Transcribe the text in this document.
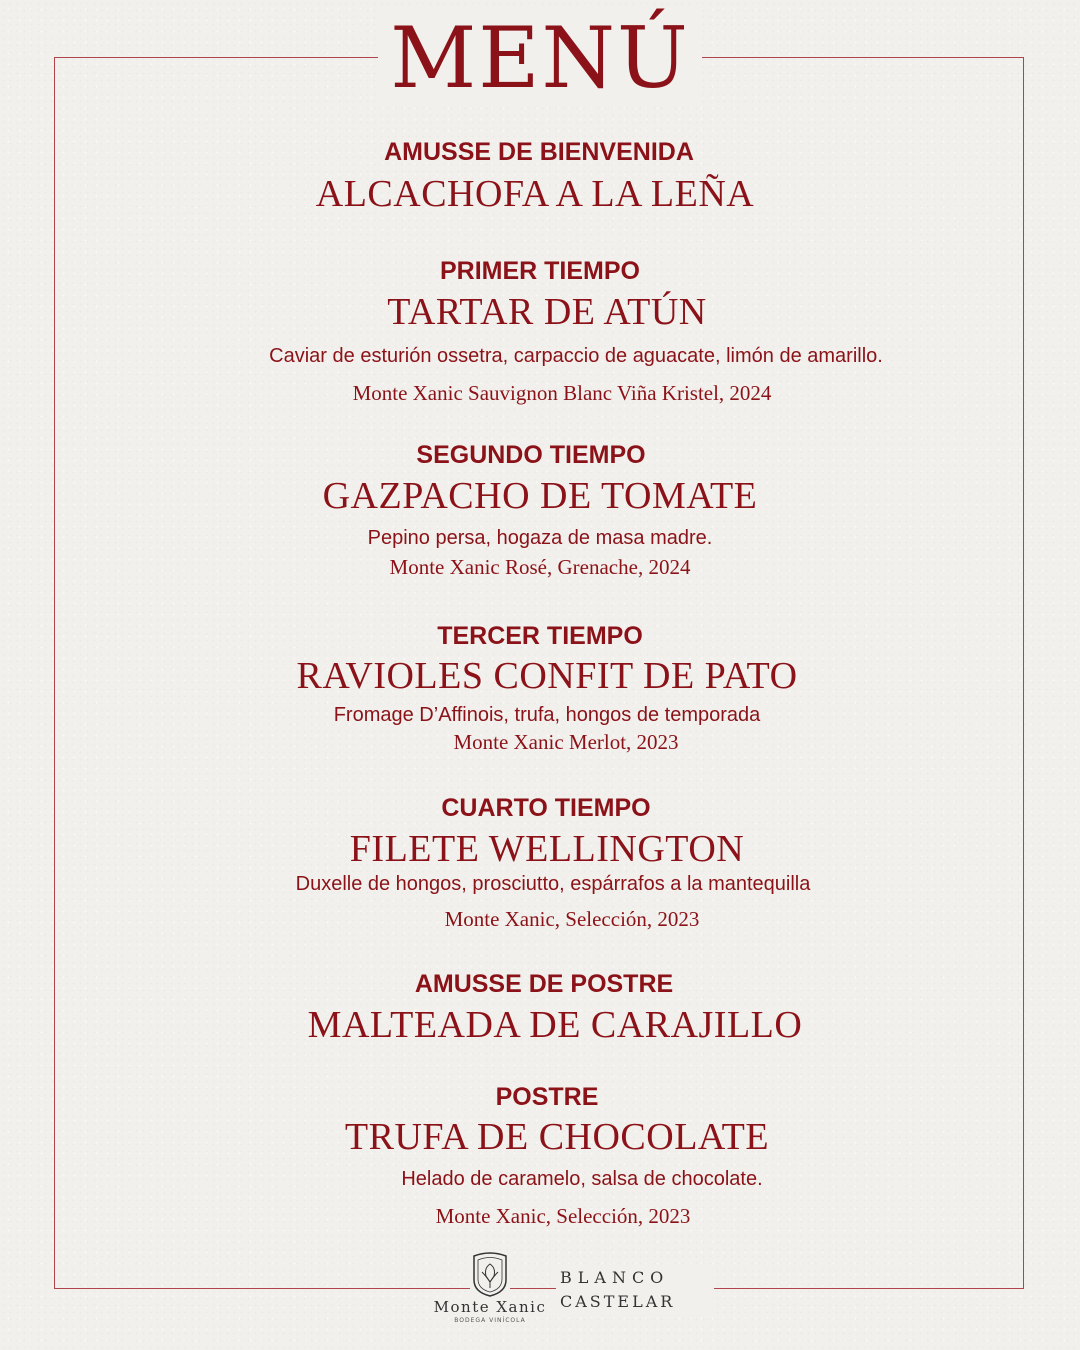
MENÚ
AMUSSE DE BIENVENIDA
ALCACHOFA A LA LEÑA
PRIMER TIEMPO
TARTAR DE ATÚN
Caviar de esturión ossetra, carpaccio de aguacate, limón de amarillo.
Monte Xanic Sauvignon Blanc Viña Kristel, 2024
SEGUNDO TIEMPO
GAZPACHO DE TOMATE
Pepino persa, hogaza de masa madre.
Monte Xanic Rosé, Grenache, 2024
TERCER TIEMPO
RAVIOLES CONFIT DE PATO
Fromage D’Affinois, trufa, hongos de temporada
Monte Xanic Merlot, 2023
CUARTO TIEMPO
FILETE WELLINGTON
Duxelle de hongos, prosciutto, espárrafos a la mantequilla
Monte Xanic, Selección, 2023
AMUSSE DE POSTRE
MALTEADA DE CARAJILLO
POSTRE
TRUFA DE CHOCOLATE
Helado de caramelo, salsa de chocolate.
Monte Xanic, Selección, 2023
Monte Xanic
BODEGA VINÍCOLA
BLANCO
CASTELAR
